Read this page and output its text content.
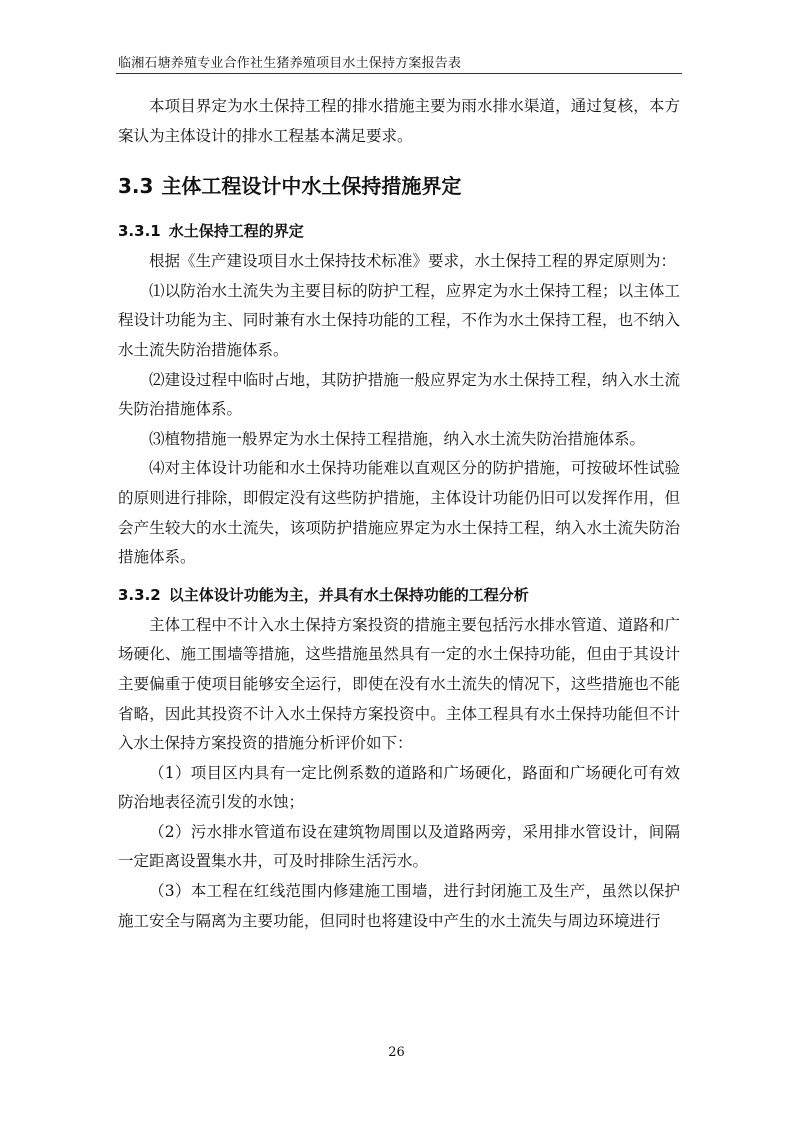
临湘石塘养殖专业合作社生猪养殖项目水土保持方案报告表

本项目界定为水土保持工程的排水措施主要为雨水排水渠道，通过复核，本方案认为主体设计的排水工程基本满足要求。

3.3 主体工程设计中水土保持措施界定
3.3.1 水土保持工程的界定

根据《生产建设项目水土保持技术标准》要求，水土保持工程的界定原则为：

⑴以防治水土流失为主要目标的防护工程，应界定为水土保持工程；以主体工程设计功能为主、同时兼有水土保持功能的工程，不作为水土保持工程，也不纳入水土流失防治措施体系。

⑵建设过程中临时占地，其防护措施一般应界定为水土保持工程，纳入水土流失防治措施体系。

⑶植物措施一般界定为水土保持工程措施，纳入水土流失防治措施体系。

⑷对主体设计功能和水土保持功能难以直观区分的防护措施，可按破坏性试验的原则进行排除，即假定没有这些防护措施，主体设计功能仍旧可以发挥作用，但会产生较大的水土流失，该项防护措施应界定为水土保持工程，纳入水土流失防治措施体系。

3.3.2 以主体设计功能为主，并具有水土保持功能的工程分析

主体工程中不计入水土保持方案投资的措施主要包括污水排水管道、道路和广场硬化、施工围墙等措施，这些措施虽然具有一定的水土保持功能，但由于其设计主要偏重于使项目能够安全运行，即使在没有水土流失的情况下，这些措施也不能省略，因此其投资不计入水土保持方案投资中。主体工程具有水土保持功能但不计入水土保持方案投资的措施分析评价如下：

（1）项目区内具有一定比例系数的道路和广场硬化，路面和广场硬化可有效防治地表径流引发的水蚀；

（2）污水排水管道布设在建筑物周围以及道路两旁，采用排水管设计，间隔一定距离设置集水井，可及时排除生活污水。

（3）本工程在红线范围内修建施工围墙，进行封闭施工及生产，虽然以保护施工安全与隔离为主要功能，但同时也将建设中产生的水土流失与周边环境进行

26
